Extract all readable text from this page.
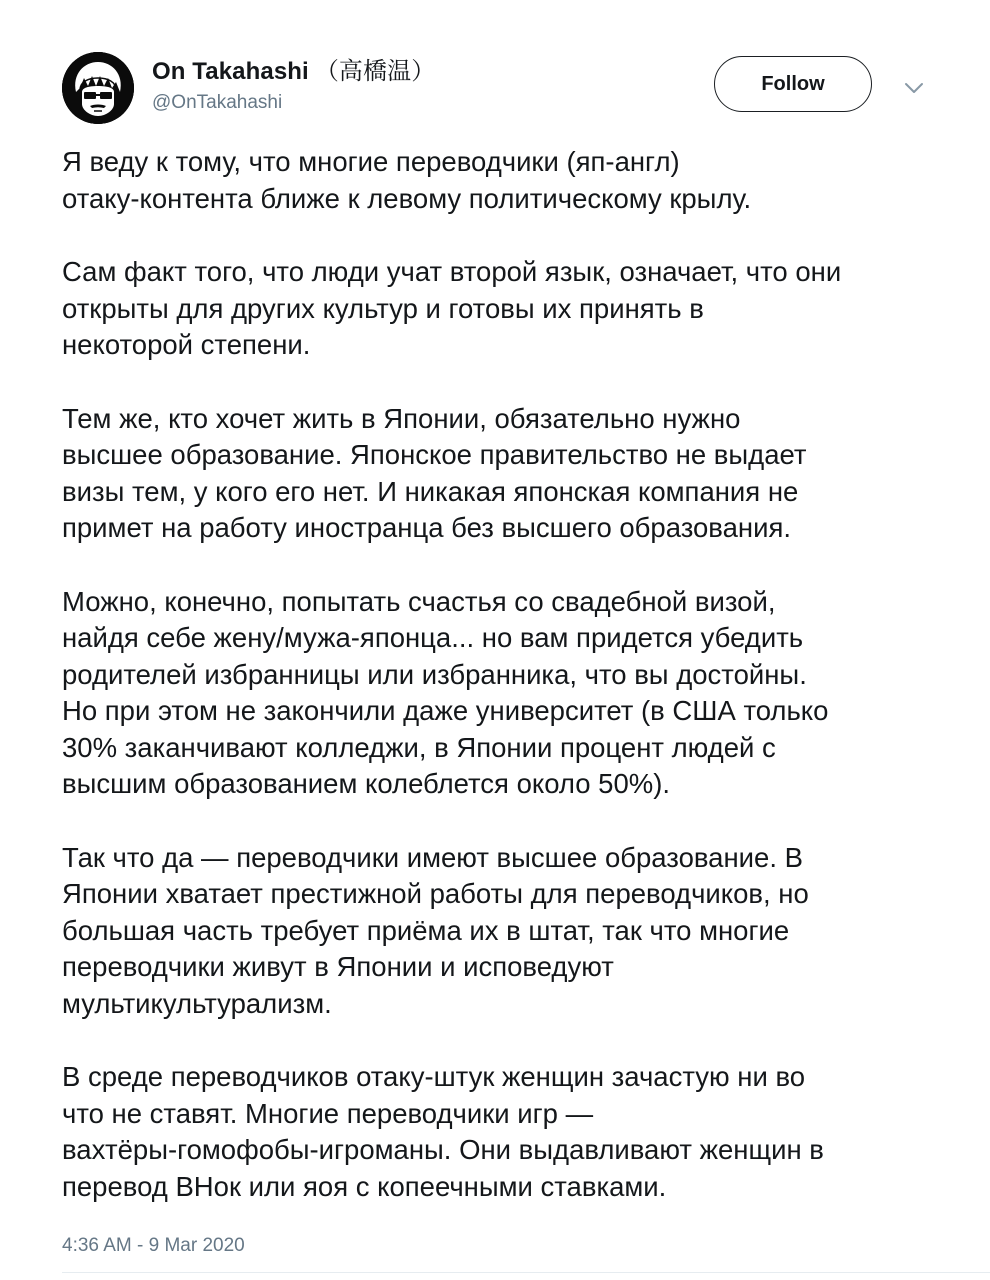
On Takahashi （高橋温）
@OnTakahashi
Follow

Я веду к тому, что многие переводчики (яп-англ)
отаку-контента ближе к левому политическому крылу.

Сам факт того, что люди учат второй язык, означает, что они
открыты для других культур и готовы их принять в
некоторой степени.

Тем же, кто хочет жить в Японии, обязательно нужно
высшее образование. Японское правительство не выдает
визы тем, у кого его нет. И никакая японская компания не
примет на работу иностранца без высшего образования.

Можно, конечно, попытать счастья со свадебной визой,
найдя себе жену/мужа-японца... но вам придется убедить
родителей избранницы или избранника, что вы достойны.
Но при этом не закончили даже университет (в США только
30% заканчивают колледжи, в Японии процент людей с
высшим образованием колеблется около 50%).

Так что да — переводчики имеют высшее образование. В
Японии хватает престижной работы для переводчиков, но
большая часть требует приёма их в штат, так что многие
переводчики живут в Японии и исповедуют
мультикультурализм.

В среде переводчиков отаку-штук женщин зачастую ни во
что не ставят. Многие переводчики игр —
вахтёры-гомофобы-игроманы. Они выдавливают женщин в
перевод ВНок или яоя с копеечными ставками.

4:36 AM - 9 Mar 2020
